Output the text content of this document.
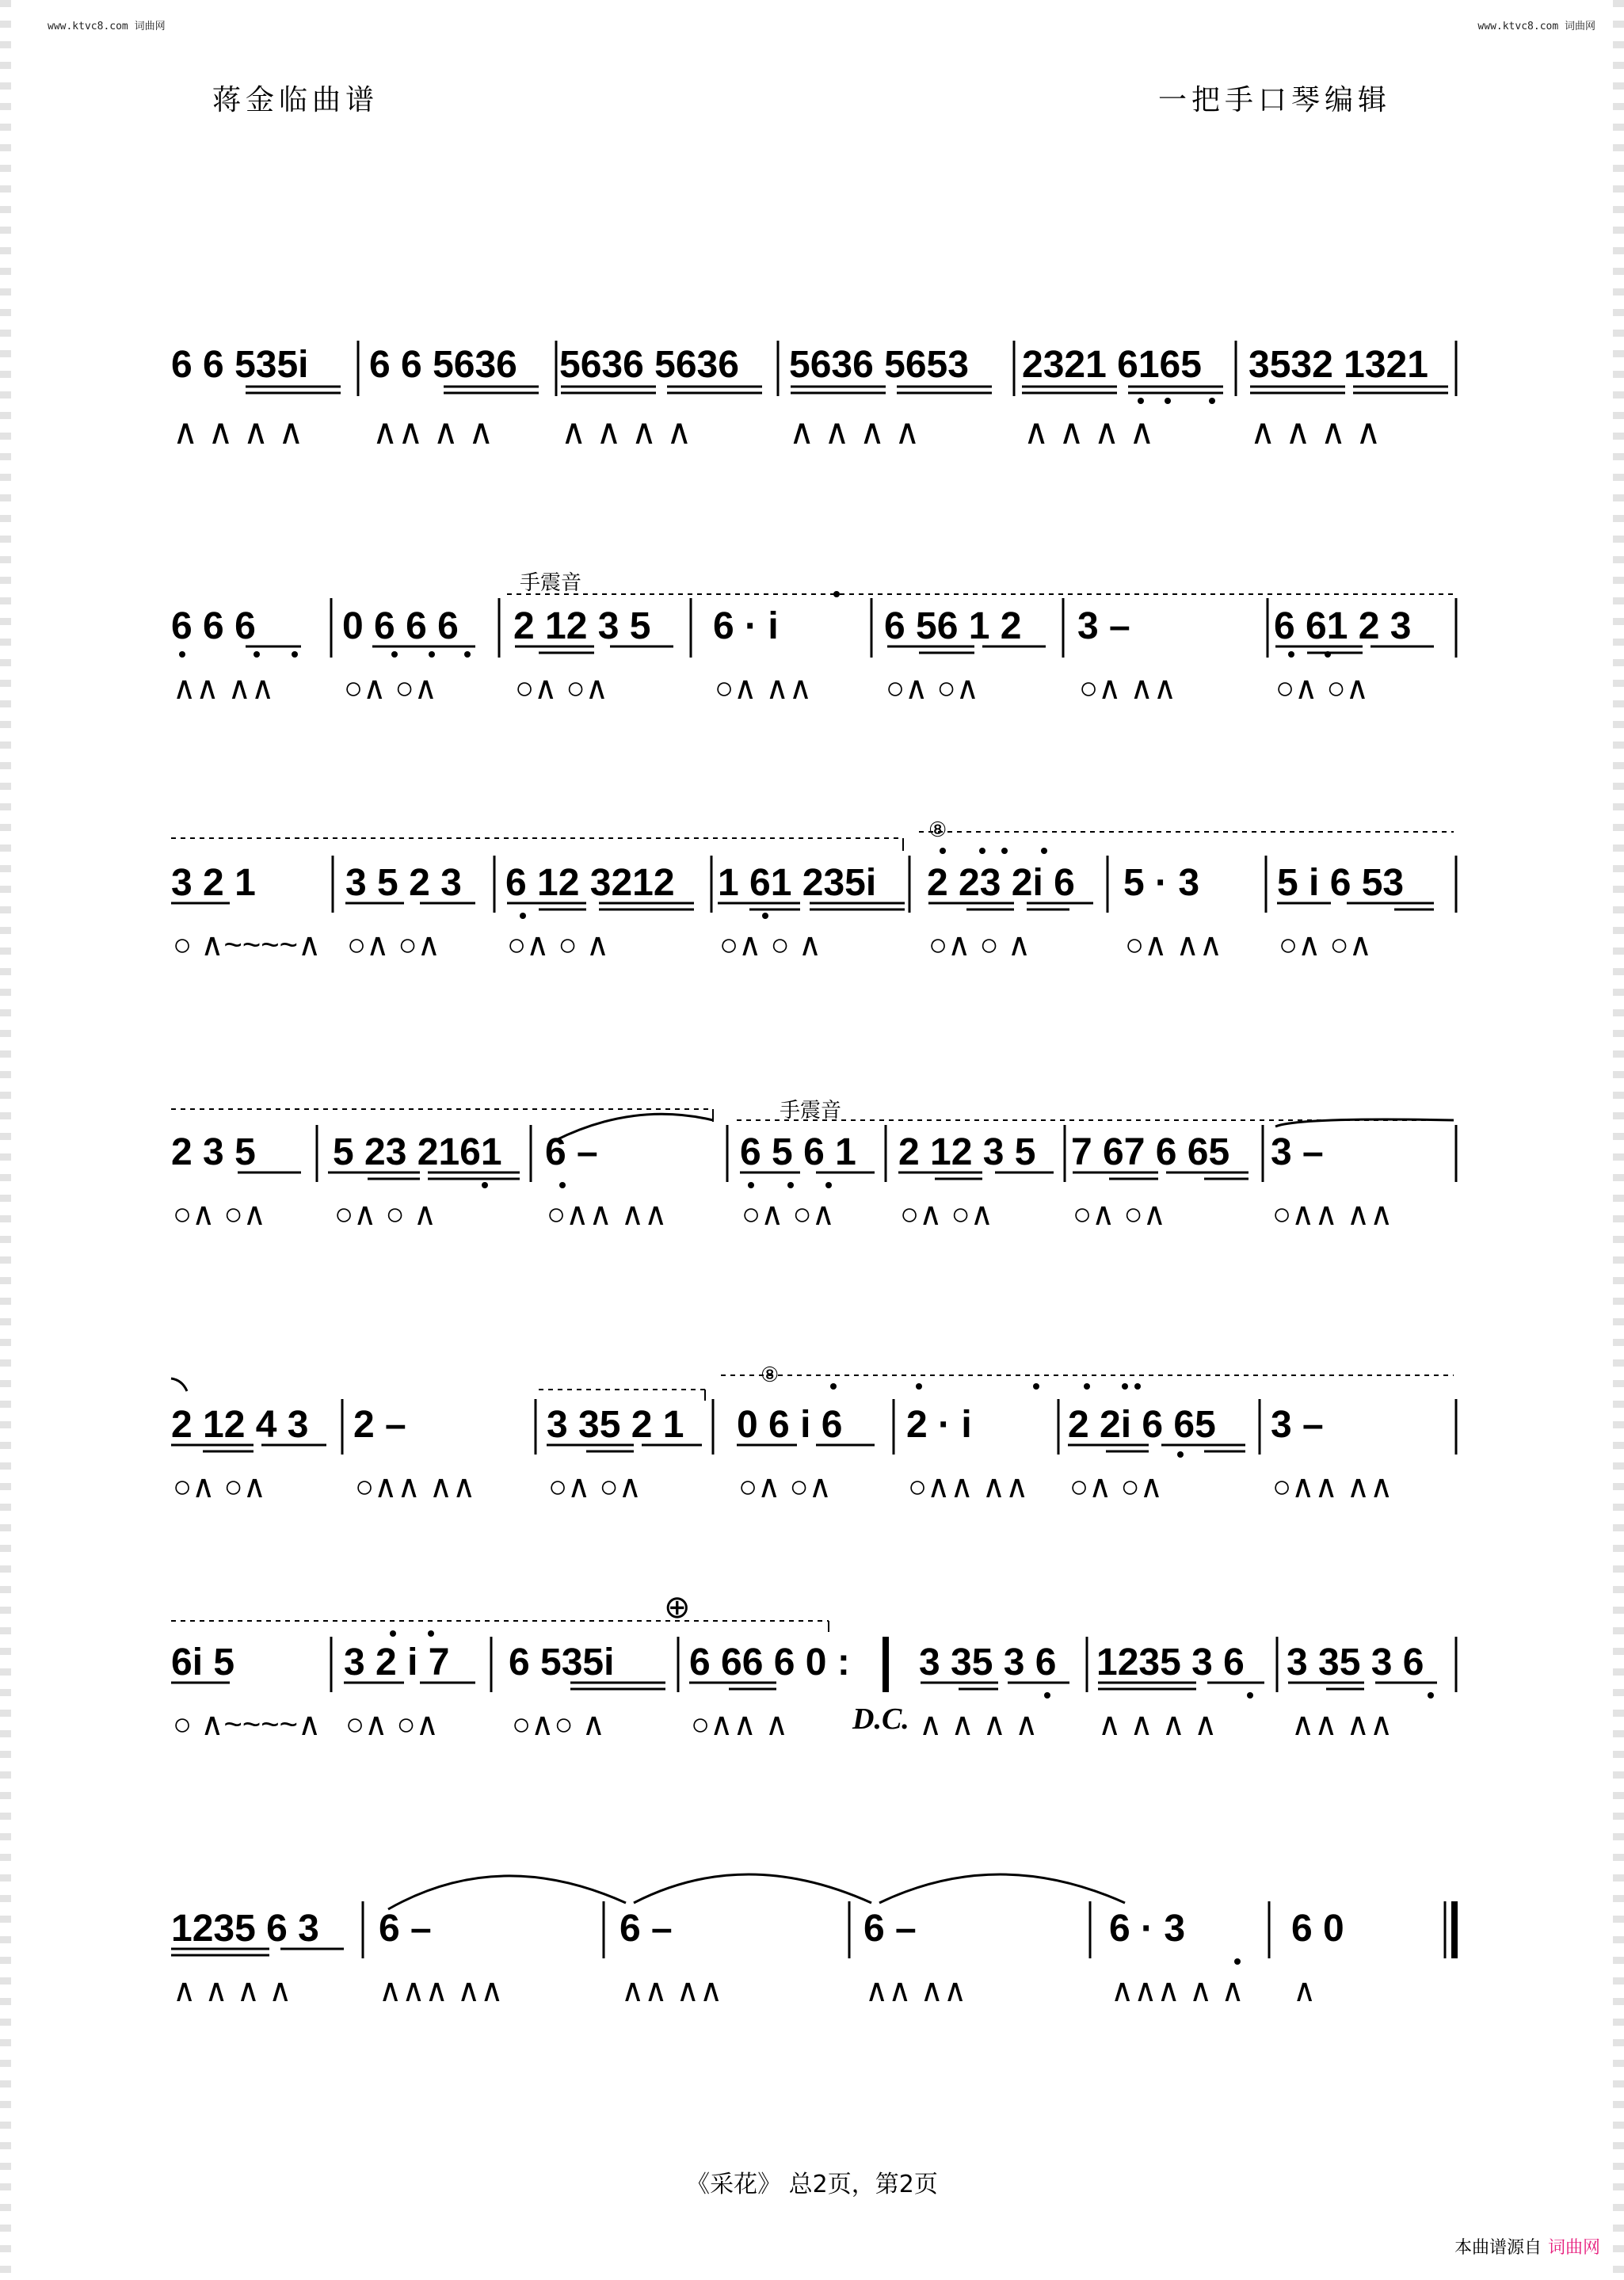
www.ktvc8.com 词曲网	www.ktvc8.com 词曲网
蒋金临曲谱	一把手口琴编辑
6 6 535i 6 6 5636 5636 5636 5636 5653 2321 6165 3532 1321
∧ ∧ ∧ ∧ ∧∧ ∧ ∧ ∧ ∧ ∧ ∧	∧ ∧ ∧ ∧	∧ ∧ ∧ ∧	∧ ∧ ∧ ∧
手震音
6 6 6 0 6 6 6 2 12 3 5 6 · i	6 56 1 2 3 –	6 61 2 3
∧∧ ∧∧ ○∧ ○∧ ○∧ ○∧	○∧ ∧∧ ○∧ ○∧	○∧ ∧∧	○∧ ○∧
⑧
3 2 1 3 5 2 3 6 12 3212 1 61 235i 2 23 2i 6 5 · 3 5 i 6 53
○ ∧~~~~∧ ○∧ ○∧ ○∧ ○ ∧	○∧ ○ ∧	○∧ ○ ∧	○∧ ∧∧ ○∧ ○∧
手震音
2 3 5 5 23 2161 6 –	6 5 6 1 2 12 3 5 7 67 6 65 3 –
○∧ ○∧ ○∧ ○ ∧	○∧∧ ∧∧ ○∧ ○∧ ○∧ ○∧	○∧ ○∧	○∧∧ ∧∧
⑧
2 12 4 3 2 –	3 35 2 1 0 6 i 6 2 · i	2 2i 6 65 3 –
○∧ ○∧	○∧∧ ∧∧ ○∧ ○∧	○∧ ○∧ ○∧∧ ∧∧ ○∧ ○∧	○∧∧ ∧∧
⊕
6i 5	3 2 i 7 6 535i 6 66 6 0 : 3 35 3 6 1235 3 6 3 35 3 6
D.C.
○ ∧~~~~∧ ○∧ ○∧ ○∧○ ∧	○∧∧ ∧	∧ ∧ ∧ ∧ ∧ ∧ ∧ ∧ ∧∧ ∧∧
1235 6 3 6 –	6 –	6 –	6 · 3	6 0
∧ ∧ ∧ ∧	∧∧∧ ∧∧	∧∧ ∧∧	∧∧ ∧∧	∧∧∧ ∧ ∧ ∧
《采花》 总2页，第2页
本曲谱源自 词曲网
